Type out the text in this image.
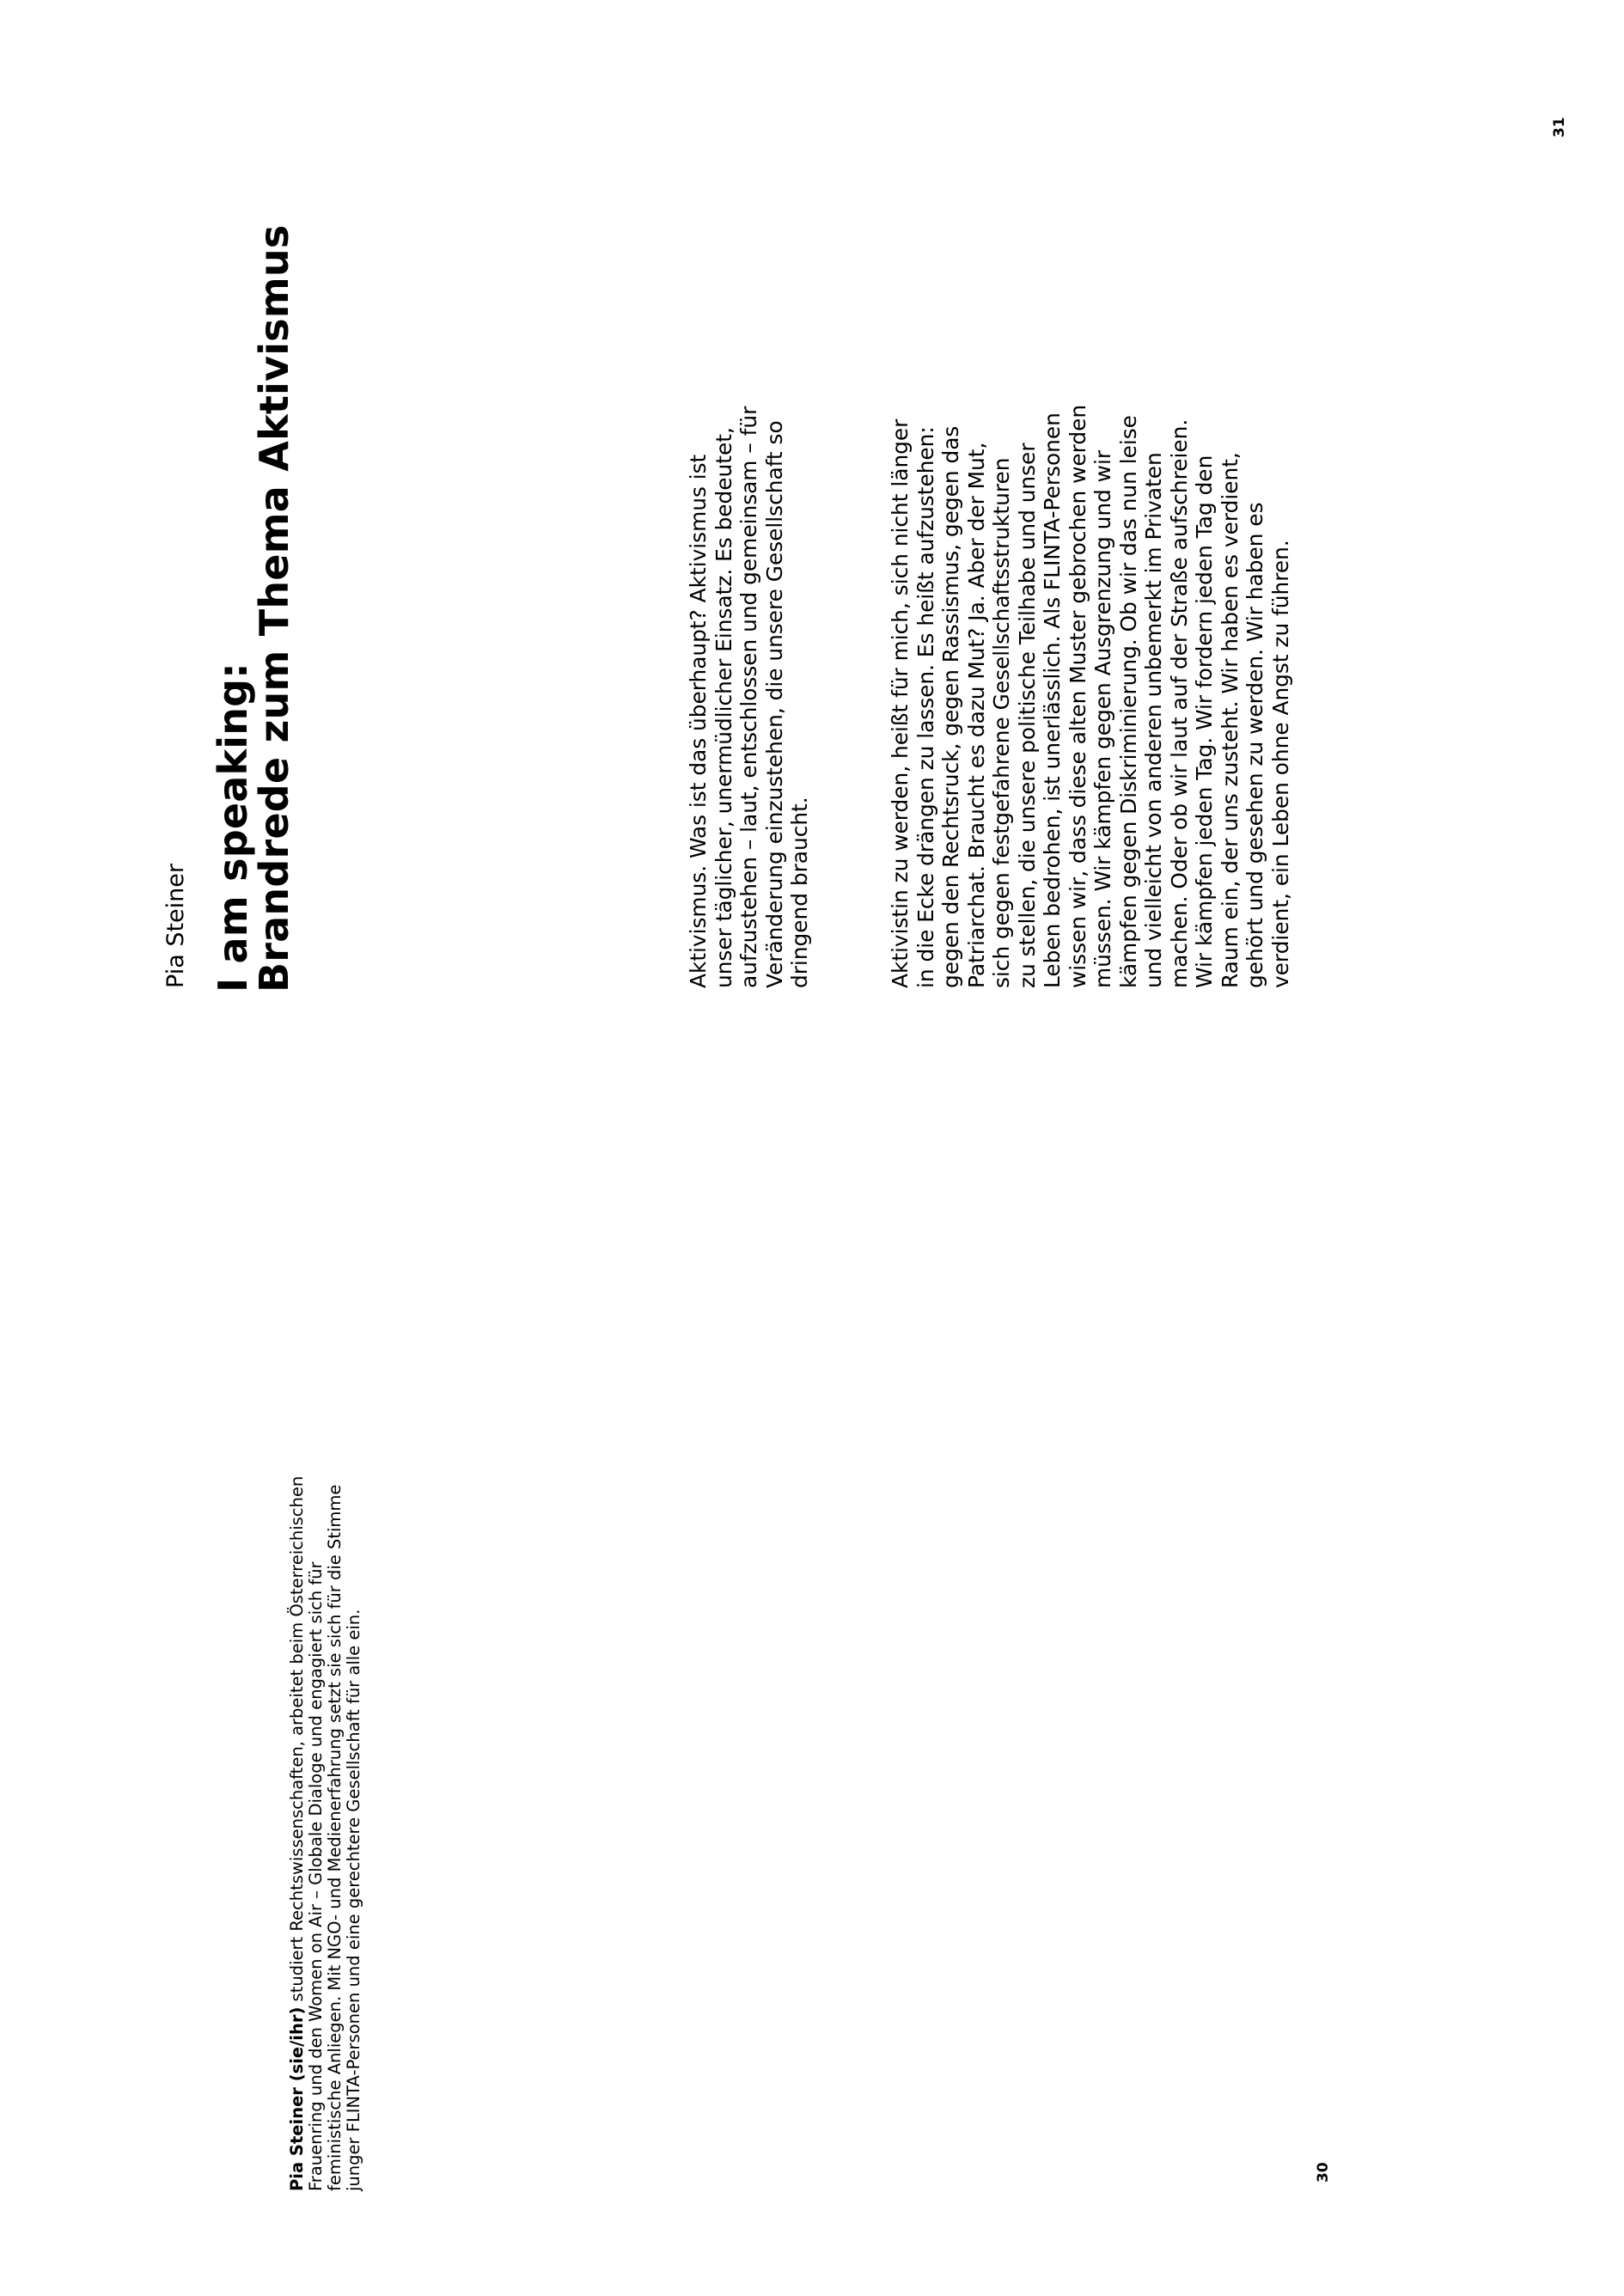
31
30
Pia Steiner I am speaking:
Brandrede zum Thema Aktivismus	Aktivismus. Was ist das überhaupt? Aktivismus ist unser täglicher, unermüdlicher Einsatz. Es bedeutet, aufzustehen – laut, entschlossen und gemeinsam – für Veränderung einzustehen, die unsere Gesellschaft so dringend braucht.	Aktivistin zu werden, heißt für mich, sich nicht länger in die Ecke drängen zu lassen. Es heißt aufzustehen: gegen den Rechtsruck, gegen Rassismus, gegen das Patriarchat. Braucht es dazu Mut? Ja. Aber der Mut, sich gegen festgefahrene Gesellschaftsstrukturen zu stellen, die unsere politische Teilhabe und unser Leben bedrohen, ist unerlässlich. Als FLINTA-Personen wissen wir, dass diese alten Muster gebrochen werden müssen. Wir kämpfen gegen Ausgrenzung und wir kämpfen gegen Diskriminierung. Ob wir das nun leise und vielleicht von anderen unbemerkt im Privaten machen. Oder ob wir laut auf der Straße aufschreien. Wir kämpfen jeden Tag. Wir fordern jeden Tag den Raum ein, der uns zusteht. Wir haben es verdient, gehört und gesehen zu werden. Wir haben es verdient, ein Leben ohne Angst zu führen.
Pia Steiner (sie/ihr) studiert Rechtswissenschaften, arbeitet beim Österreichischen Frauenring und den Women on Air – Globale Dialoge und engagiert sich für feministische Anliegen. Mit NGO- und Medienerfahrung setzt sie sich für die Stimme junger FLINTA-Personen und eine gerechtere Gesellschaft für alle ein.
